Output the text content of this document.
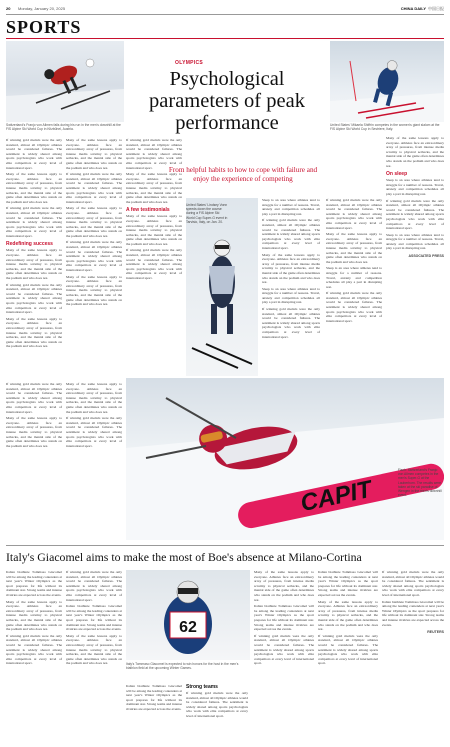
20 Monday, January 20, 2025	CHINA DAILY 中国日报
SPORTS
Switzerland's Franjo von Allmen falls during his run in the men's downhill at the FIS Alpine Ski World Cup in Kitzbühel, Austria.
United States' Mikaela Shiffrin competes in the women's giant slalom at the FIS Alpine Ski World Cup in Sestriere, Italy.
OLYMPICS
Psychological parameters of peak performance
From helpful habits to how to cope with failure and enjoy the experience of competing
If winning gold medals were the only standard, almost all Olympic athletes would be considered failures. The sentiment is widely shared among sports psychologists who work with elite competitors at every level of international sport.
Many of the same lessons apply to everyone. Athletes face an extraordinary array of pressures, from intense media scrutiny to physical setbacks, and the mental side of the game often determines who stands on the podium and who does not.
If winning gold medals were the only standard, almost all Olympic athletes would be considered failures. The sentiment is widely shared among sports psychologists who work with elite competitors at every level of international sport.
Redefining success
Many of the same lessons apply to everyone. Athletes face an extraordinary array of pressures, from intense media scrutiny to physical setbacks, and the mental side of the game often determines who stands on the podium and who does not.
If winning gold medals were the only standard, almost all Olympic athletes would be considered failures. The sentiment is widely shared among sports psychologists who work with elite competitors at every level of international sport.
Many of the same lessons apply to everyone. Athletes face an extraordinary array of pressures, from intense media scrutiny to physical setbacks, and the mental side of the game often determines who stands on the podium and who does not.
Many of the same lessons apply to everyone. Athletes face an extraordinary array of pressures, from intense media scrutiny to physical setbacks, and the mental side of the game often determines who stands on the podium and who does not.
If winning gold medals were the only standard, almost all Olympic athletes would be considered failures. The sentiment is widely shared among sports psychologists who work with elite competitors at every level of international sport.
Many of the same lessons apply to everyone. Athletes face an extraordinary array of pressures, from intense media scrutiny to physical setbacks, and the mental side of the game often determines who stands on the podium and who does not.
If winning gold medals were the only standard, almost all Olympic athletes would be considered failures. The sentiment is widely shared among sports psychologists who work with elite competitors at every level of international sport.
Many of the same lessons apply to everyone. Athletes face an extraordinary array of pressures, from intense media scrutiny to physical setbacks, and the mental side of the game often determines who stands on the podium and who does not.
If winning gold medals were the only standard, almost all Olympic athletes would be considered failures. The sentiment is widely shared among sports psychologists who work with elite competitors at every level of international sport.
Many of the same lessons apply to everyone. Athletes face an extraordinary array of pressures, from intense media scrutiny to physical setbacks, and the mental side of the game often determines who stands on the podium and who does not.
A few testimonials
Many of the same lessons apply to everyone. Athletes face an extraordinary array of pressures, from intense media scrutiny to physical setbacks, and the mental side of the game often determines who stands on the podium and who does not.
If winning gold medals were the only standard, almost all Olympic athletes would be considered failures. The sentiment is widely shared among sports psychologists who work with elite competitors at every level of international sport.
United States' Lindsey Vonn speeds down the course during a FIS Alpine Ski World Cup Super-G event in Tarvisio, Italy, on Jan. 20.
Sleep is an area where athletes tend to struggle for a number of reasons. Travel, anxiety and competition schedules all play a part in disrupting rest.
If winning gold medals were the only standard, almost all Olympic athletes would be considered failures. The sentiment is widely shared among sports psychologists who work with elite competitors at every level of international sport.
Many of the same lessons apply to everyone. Athletes face an extraordinary array of pressures, from intense media scrutiny to physical setbacks, and the mental side of the game often determines who stands on the podium and who does not.
Sleep is an area where athletes tend to struggle for a number of reasons. Travel, anxiety and competition schedules all play a part in disrupting rest.
If winning gold medals were the only standard, almost all Olympic athletes would be considered failures. The sentiment is widely shared among sports psychologists who work with elite competitors at every level of international sport.
If winning gold medals were the only standard, almost all Olympic athletes would be considered failures. The sentiment is widely shared among sports psychologists who work with elite competitors at every level of international sport.
Many of the same lessons apply to everyone. Athletes face an extraordinary array of pressures, from intense media scrutiny to physical setbacks, and the mental side of the game often determines who stands on the podium and who does not.
Sleep is an area where athletes tend to struggle for a number of reasons. Travel, anxiety and competition schedules all play a part in disrupting rest.
If winning gold medals were the only standard, almost all Olympic athletes would be considered failures. The sentiment is widely shared among sports psychologists who work with elite competitors at every level of international sport.
Many of the same lessons apply to everyone. Athletes face an extraordinary array of pressures, from intense media scrutiny to physical setbacks, and the mental side of the game often determines who stands on the podium and who does not.
On sleep
Sleep is an area where athletes tend to struggle for a number of reasons. Travel, anxiety and competition schedules all play a part in disrupting rest.
If winning gold medals were the only standard, almost all Olympic athletes would be considered failures. The sentiment is widely shared among sports psychologists who work with elite competitors at every level of international sport.
Sleep is an area where athletes tend to struggle for a number of reasons. Travel, anxiety and competition schedules all play a part in disrupting rest.
ASSOCIATED PRESS
CAPIT
Fisch: Switzerland's Franjo von Allmen competes in the men's Super-G at the Lauberhorn. The results were taken at the ski paradise of Wengen in the men's downhill event.
If winning gold medals were the only standard, almost all Olympic athletes would be considered failures. The sentiment is widely shared among sports psychologists who work with elite competitors at every level of international sport.
Many of the same lessons apply to everyone. Athletes face an extraordinary array of pressures, from intense media scrutiny to physical setbacks, and the mental side of the game often determines who stands on the podium and who does not.
Many of the same lessons apply to everyone. Athletes face an extraordinary array of pressures, from intense media scrutiny to physical setbacks, and the mental side of the game often determines who stands on the podium and who does not.
If winning gold medals were the only standard, almost all Olympic athletes would be considered failures. The sentiment is widely shared among sports psychologists who work with elite competitors at every level of international sport.
Italy's Giacomel aims to make the most of Boe's absence at Milano-Cortina
Italian biathlete Tommaso Giacomel will be among the leading contenders at next year's Winter Olympics as the sport prepares for life without its dominant star. Strong teams and intense rivalries are expected across the events.
Many of the same lessons apply to everyone. Athletes face an extraordinary array of pressures, from intense media scrutiny to physical setbacks, and the mental side of the game often determines who stands on the podium and who does not.
If winning gold medals were the only standard, almost all Olympic athletes would be considered failures. The sentiment is widely shared among sports psychologists who work with elite competitors at every level of international sport.
If winning gold medals were the only standard, almost all Olympic athletes would be considered failures. The sentiment is widely shared among sports psychologists who work with elite competitors at every level of international sport.
Italian biathlete Tommaso Giacomel will be among the leading contenders at next year's Winter Olympics as the sport prepares for life without its dominant star. Strong teams and intense rivalries are expected across the events.
Many of the same lessons apply to everyone. Athletes face an extraordinary array of pressures, from intense media scrutiny to physical setbacks, and the mental side of the game often determines who stands on the podium and who does not.
62
Italy's Tommaso Giacomel is expected to win honors for the host in the men's biathlon field at the upcoming Winter Games.
Italian biathlete Tommaso Giacomel will be among the leading contenders at next year's Winter Olympics as the sport prepares for life without its dominant star. Strong teams and intense rivalries are expected across the events.
Strong teams
If winning gold medals were the only standard, almost all Olympic athletes would be considered failures. The sentiment is widely shared among sports psychologists who work with elite competitors at every level of international sport.
Many of the same lessons apply to everyone. Athletes face an extraordinary array of pressures, from intense media scrutiny to physical setbacks, and the mental side of the game often determines who stands on the podium and who does not.
Italian biathlete Tommaso Giacomel will be among the leading contenders at next year's Winter Olympics as the sport prepares for life without its dominant star. Strong teams and intense rivalries are expected across the events.
If winning gold medals were the only standard, almost all Olympic athletes would be considered failures. The sentiment is widely shared among sports psychologists who work with elite competitors at every level of international sport.
Italian biathlete Tommaso Giacomel will be among the leading contenders at next year's Winter Olympics as the sport prepares for life without its dominant star. Strong teams and intense rivalries are expected across the events.
Many of the same lessons apply to everyone. Athletes face an extraordinary array of pressures, from intense media scrutiny to physical setbacks, and the mental side of the game often determines who stands on the podium and who does not.
If winning gold medals were the only standard, almost all Olympic athletes would be considered failures. The sentiment is widely shared among sports psychologists who work with elite competitors at every level of international sport.
If winning gold medals were the only standard, almost all Olympic athletes would be considered failures. The sentiment is widely shared among sports psychologists who work with elite competitors at every level of international sport.
Italian biathlete Tommaso Giacomel will be among the leading contenders at next year's Winter Olympics as the sport prepares for life without its dominant star. Strong teams and intense rivalries are expected across the events.
REUTERS
